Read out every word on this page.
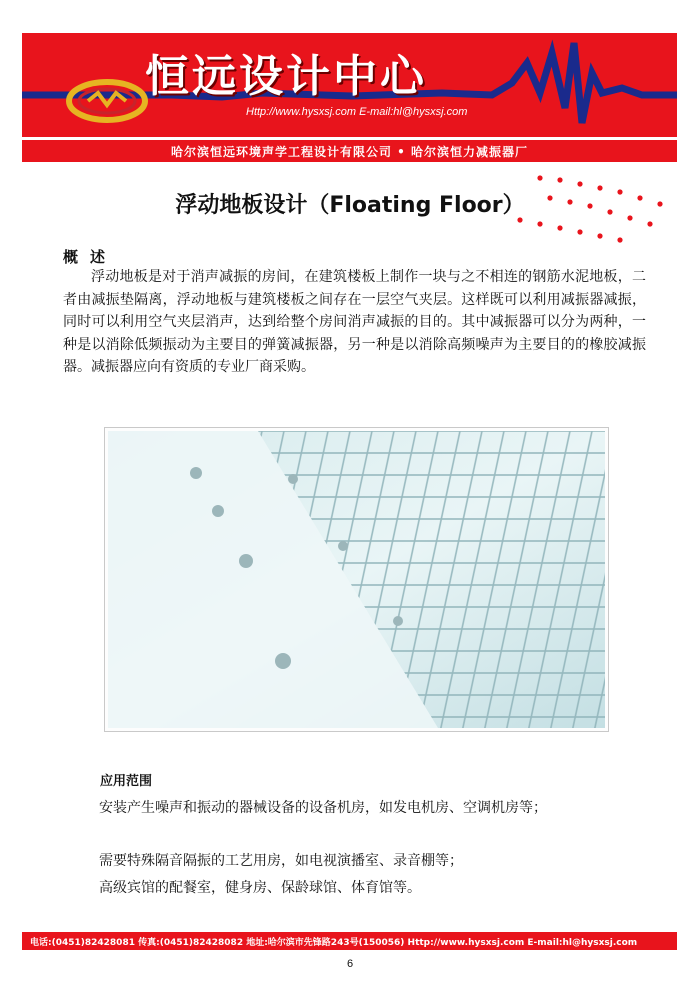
恒远设计中心
Http://www.hysxsj.com E-mail:hl@hysxsj.com
哈尔滨恒远环境声学工程设计有限公司 • 哈尔滨恒力减振器厂
浮动地板设计（Floating Floor）
概述
浮动地板是对于消声减振的房间，在建筑楼板上制作一块与之不相连的钢筋水泥地板，二者由减振垫隔离，浮动地板与建筑楼板之间存在一层空气夹层。这样既可以利用减振器减振，同时可以利用空气夹层消声，达到给整个房间消声减振的目的。其中减振器可以分为两种，一种是以消除低频振动为主要目的弹簧减振器，另一种是以消除高频噪声为主要目的的橡胶减振器。减振器应向有资质的专业厂商采购。
应用范围
安装产生噪声和振动的器械设备的设备机房，如发电机房、空调机房等；
需要特殊隔音隔振的工艺用房，如电视演播室、录音棚等；
高级宾馆的配餐室，健身房、保龄球馆、体育馆等。
电话:(0451)82428081 传真:(0451)82428082 地址:哈尔滨市先锋路243号(150056) Http://www.hysxsj.com E-mail:hl@hysxsj.com
6
